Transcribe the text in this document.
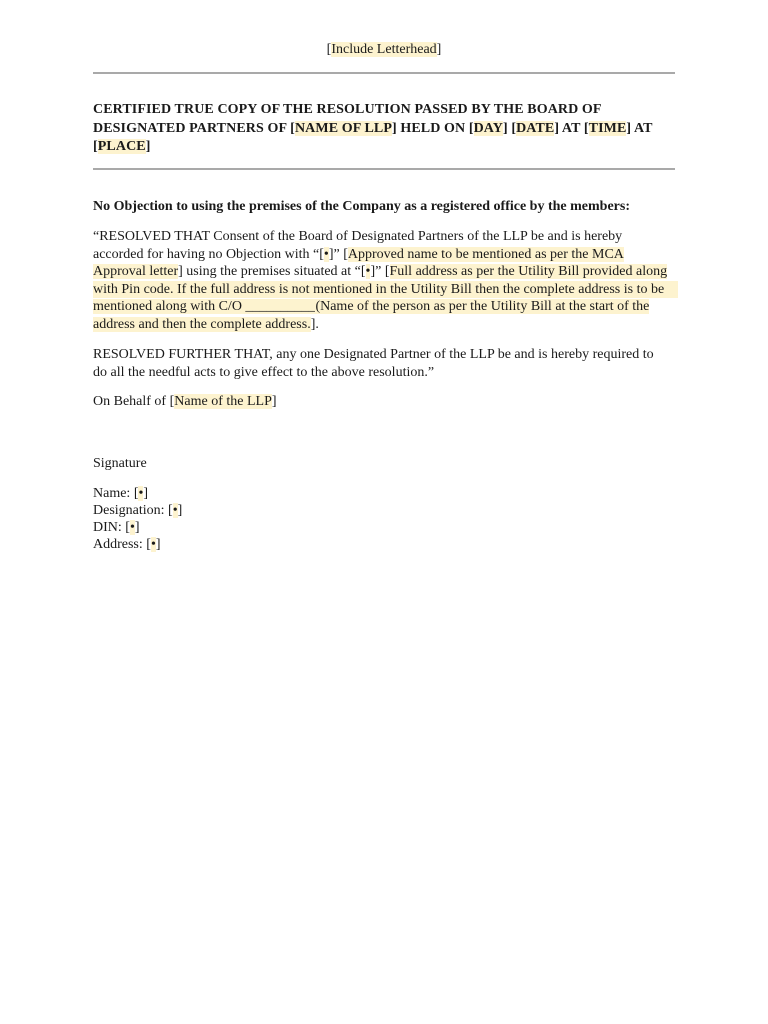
[Include Letterhead]
CERTIFIED TRUE COPY OF THE RESOLUTION PASSED BY THE BOARD OF
DESIGNATED PARTNERS OF [NAME OF LLP] HELD ON [DAY] [DATE] AT [TIME] AT
[PLACE]
No Objection to using the premises of the Company as a registered office by the members:
“RESOLVED THAT Consent of the Board of Designated Partners of the LLP be and is hereby
accorded for having no Objection with “[•]” [Approved name to be mentioned as per the MCA
Approval letter] using the premises situated at “[•]” [Full address as per the Utility Bill provided along
with Pin code. If the full address is not mentioned in the Utility Bill then the complete address is to be
mentioned along with C/O __________(Name of the person as per the Utility Bill at the start of the
address and then the complete address.].
RESOLVED FURTHER THAT, any one Designated Partner of the LLP be and is hereby required to
do all the needful acts to give effect to the above resolution.”
On Behalf of [Name of the LLP]
Signature
Name: [•]
Designation: [•]
DIN: [•]
Address: [•]
